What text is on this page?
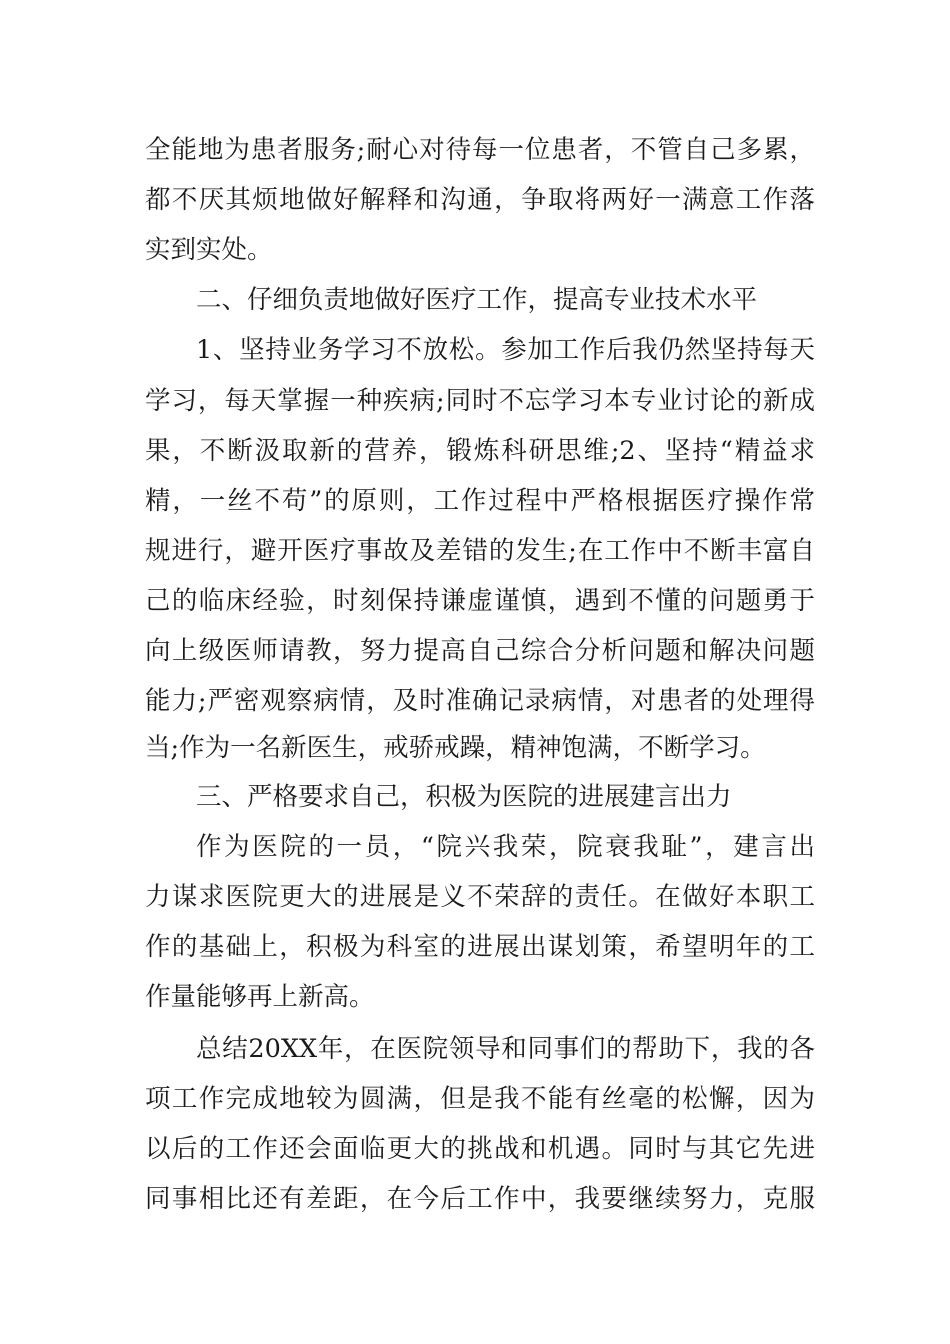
全能地为患者服务;耐心对待每一位患者，不管自己多累，
都不厌其烦地做好解释和沟通，争取将两好一满意工作落
实到实处。
二、仔细负责地做好医疗工作，提高专业技术水平
1、坚持业务学习不放松。参加工作后我仍然坚持每天
学习，每天掌握一种疾病;同时不忘学习本专业讨论的新成
果，不断汲取新的营养，锻炼科研思维;2、坚持“精益求
精，一丝不苟”的原则，工作过程中严格根据医疗操作常
规进行，避开医疗事故及差错的发生;在工作中不断丰富自
己的临床经验，时刻保持谦虚谨慎，遇到不懂的问题勇于
向上级医师请教，努力提高自己综合分析问题和解决问题
能力;严密观察病情，及时准确记录病情，对患者的处理得
当;作为一名新医生，戒骄戒躁，精神饱满，不断学习。
三、严格要求自己，积极为医院的进展建言出力
作为医院的一员，“院兴我荣，院衰我耻”，建言出
力谋求医院更大的进展是义不荣辞的责任。在做好本职工
作的基础上，积极为科室的进展出谋划策，希望明年的工
作量能够再上新高。
总结20XX年，在医院领导和同事们的帮助下，我的各
项工作完成地较为圆满，但是我不能有丝毫的松懈，因为
以后的工作还会面临更大的挑战和机遇。同时与其它先进
同事相比还有差距，在今后工作中，我要继续努力，克服
